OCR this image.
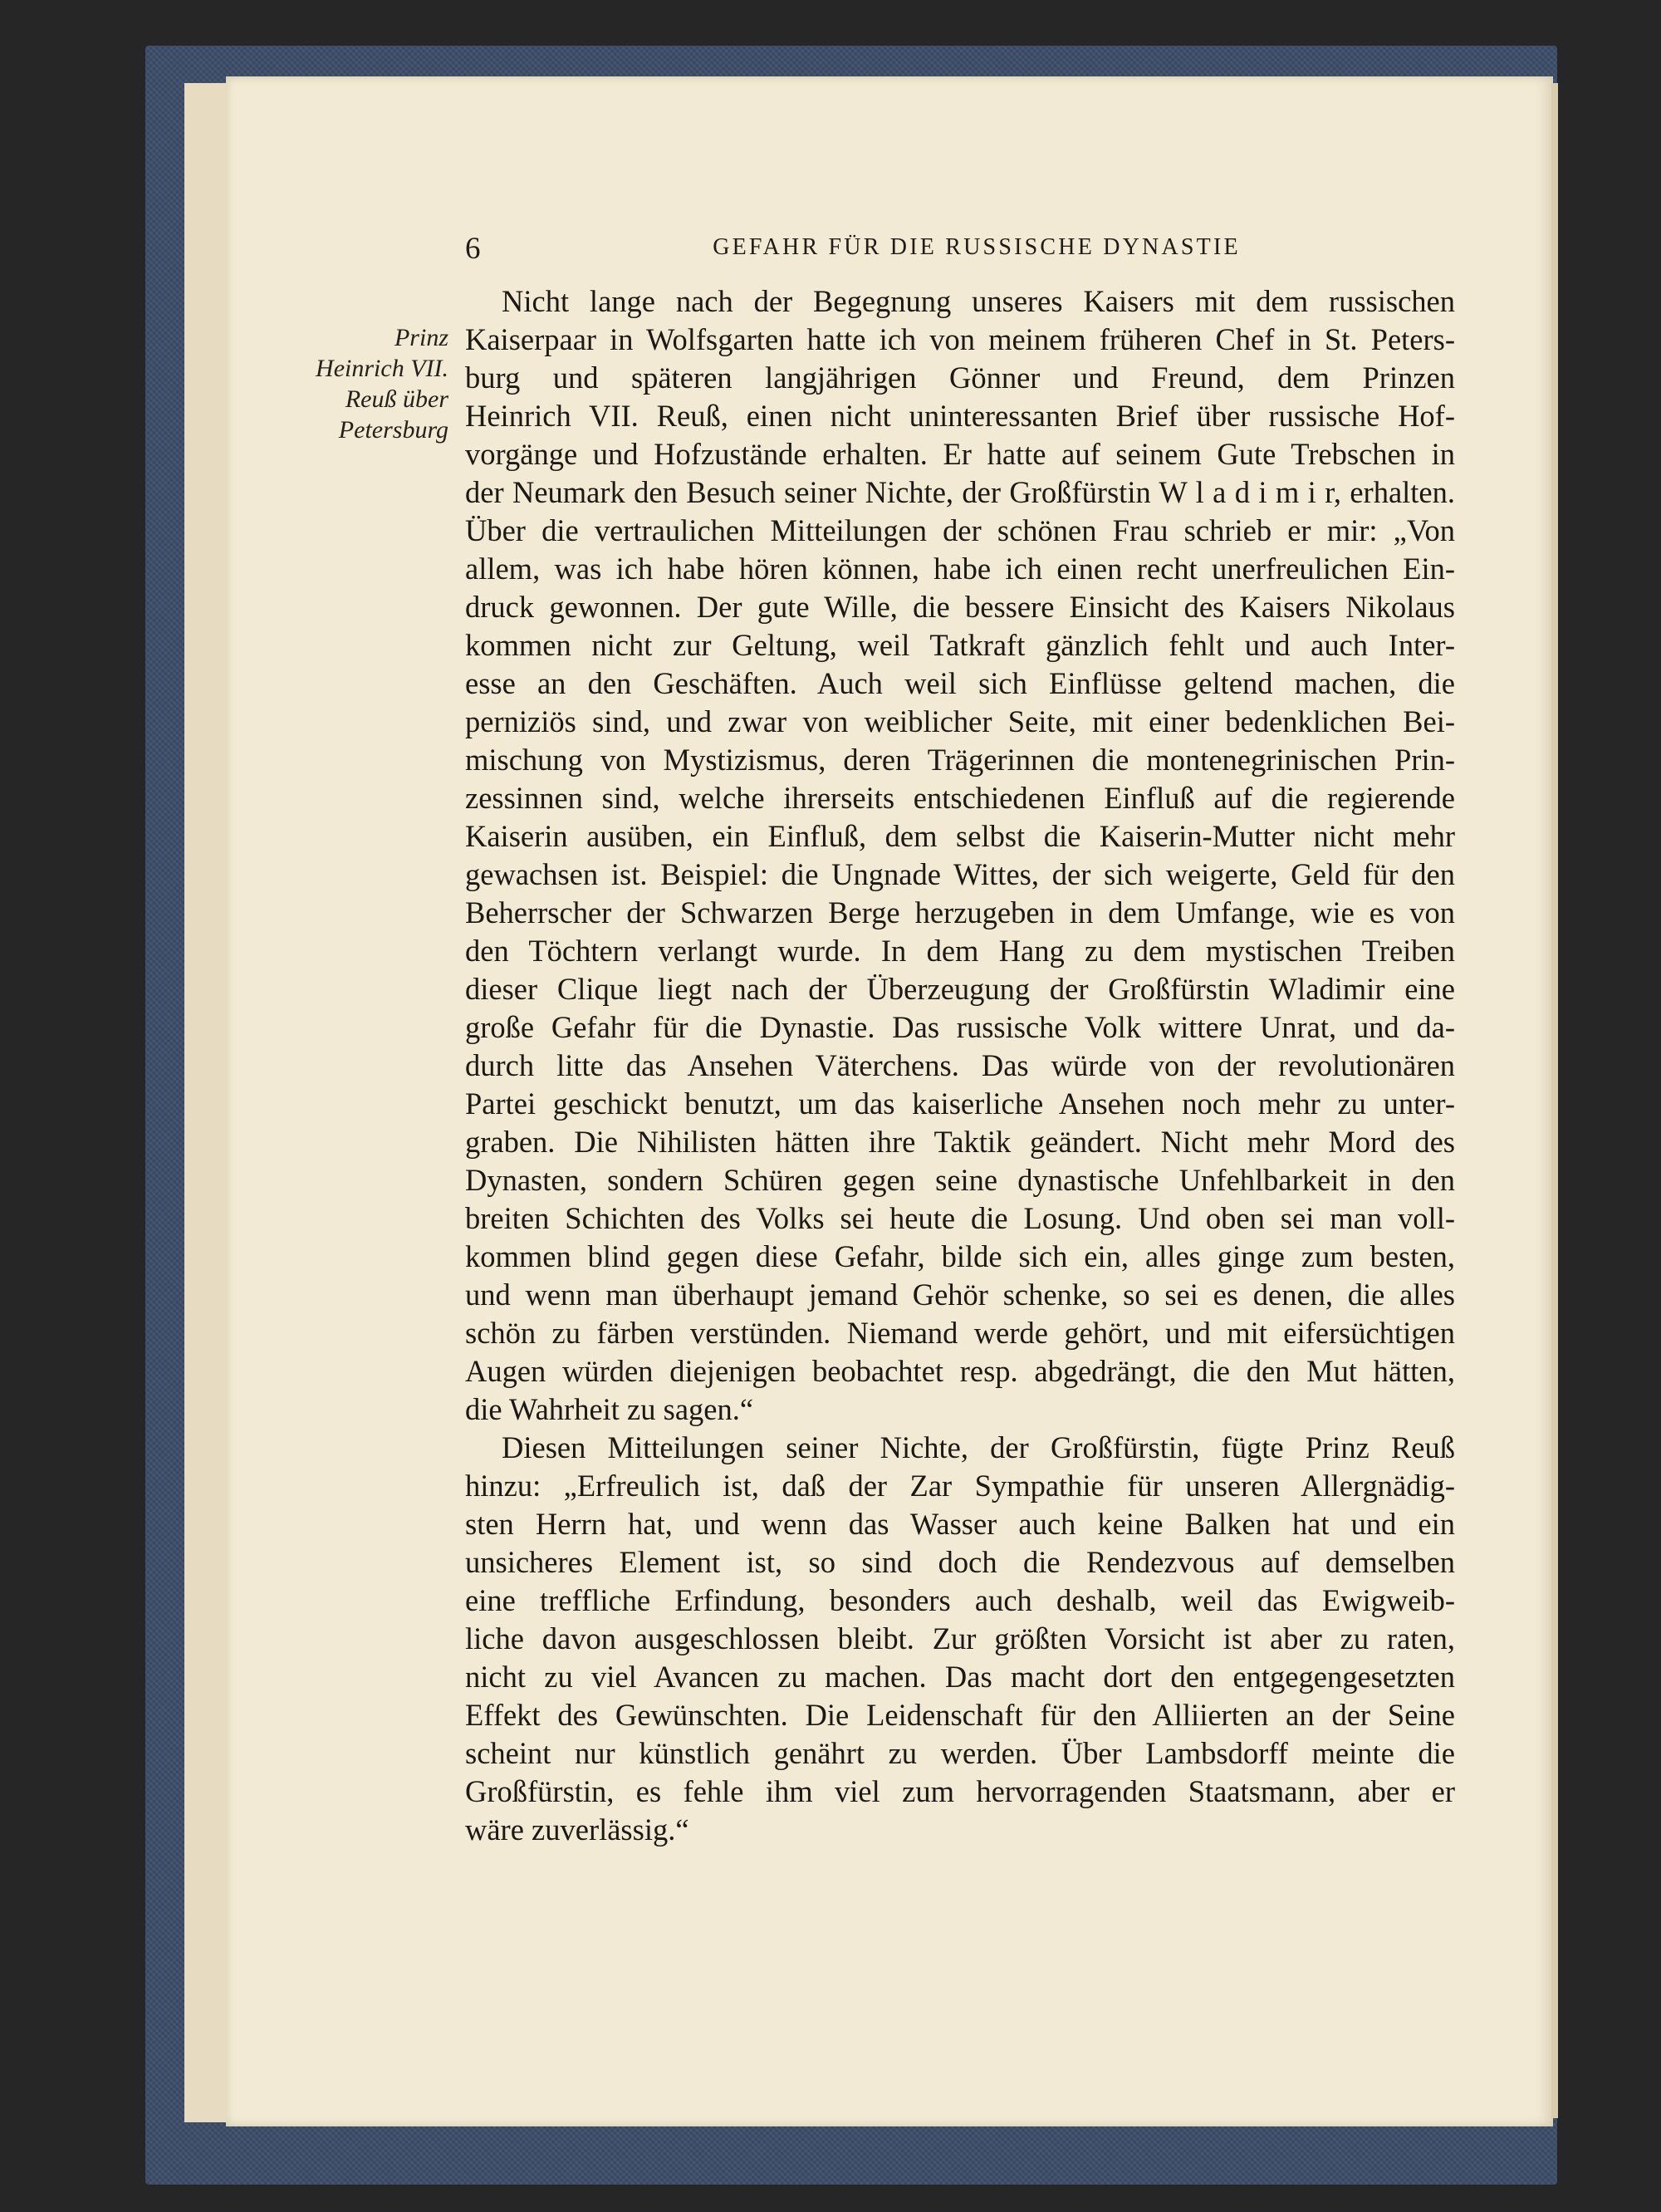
6	GEFAHR FÜR DIE RUSSISCHE DYNASTIE
Prinz
Heinrich VII.
Reuß über
Petersburg
Nicht lange nach der Begegnung unseres Kaisers mit dem russischen
Kaiserpaar in Wolfsgarten hatte ich von meinem früheren Chef in St. Peters-
burg und späteren langjährigen Gönner und Freund, dem Prinzen
Heinrich VII. Reuß, einen nicht uninteressanten Brief über russische Hof-
vorgänge und Hofzustände erhalten. Er hatte auf seinem Gute Trebschen in
der Neumark den Besuch seiner Nichte, der Großfürstin W l a d i m i r, erhalten.
Über die vertraulichen Mitteilungen der schönen Frau schrieb er mir: „Von
allem, was ich habe hören können, habe ich einen recht unerfreulichen Ein-
druck gewonnen. Der gute Wille, die bessere Einsicht des Kaisers Nikolaus
kommen nicht zur Geltung, weil Tatkraft gänzlich fehlt und auch Inter-
esse an den Geschäften. Auch weil sich Einflüsse geltend machen, die
perniziös sind, und zwar von weiblicher Seite, mit einer bedenklichen Bei-
mischung von Mystizismus, deren Trägerinnen die montenegrinischen Prin-
zessinnen sind, welche ihrerseits entschiedenen Einfluß auf die regierende
Kaiserin ausüben, ein Einfluß, dem selbst die Kaiserin-Mutter nicht mehr
gewachsen ist. Beispiel: die Ungnade Wittes, der sich weigerte, Geld für den
Beherrscher der Schwarzen Berge herzugeben in dem Umfange, wie es von
den Töchtern verlangt wurde. In dem Hang zu dem mystischen Treiben
dieser Clique liegt nach der Überzeugung der Großfürstin Wladimir eine
große Gefahr für die Dynastie. Das russische Volk wittere Unrat, und da-
durch litte das Ansehen Väterchens. Das würde von der revolutionären
Partei geschickt benutzt, um das kaiserliche Ansehen noch mehr zu unter-
graben. Die Nihilisten hätten ihre Taktik geändert. Nicht mehr Mord des
Dynasten, sondern Schüren gegen seine dynastische Unfehlbarkeit in den
breiten Schichten des Volks sei heute die Losung. Und oben sei man voll-
kommen blind gegen diese Gefahr, bilde sich ein, alles ginge zum besten,
und wenn man überhaupt jemand Gehör schenke, so sei es denen, die alles
schön zu färben verstünden. Niemand werde gehört, und mit eifersüchtigen
Augen würden diejenigen beobachtet resp. abgedrängt, die den Mut hätten,
die Wahrheit zu sagen.“
Diesen Mitteilungen seiner Nichte, der Großfürstin, fügte Prinz Reuß
hinzu: „Erfreulich ist, daß der Zar Sympathie für unseren Allergnädig-
sten Herrn hat, und wenn das Wasser auch keine Balken hat und ein
unsicheres Element ist, so sind doch die Rendezvous auf demselben
eine treffliche Erfindung, besonders auch deshalb, weil das Ewigweib-
liche davon ausgeschlossen bleibt. Zur größten Vorsicht ist aber zu raten,
nicht zu viel Avancen zu machen. Das macht dort den entgegengesetzten
Effekt des Gewünschten. Die Leidenschaft für den Alliierten an der Seine
scheint nur künstlich genährt zu werden. Über Lambsdorff meinte die
Großfürstin, es fehle ihm viel zum hervorragenden Staatsmann, aber er
wäre zuverlässig.“
